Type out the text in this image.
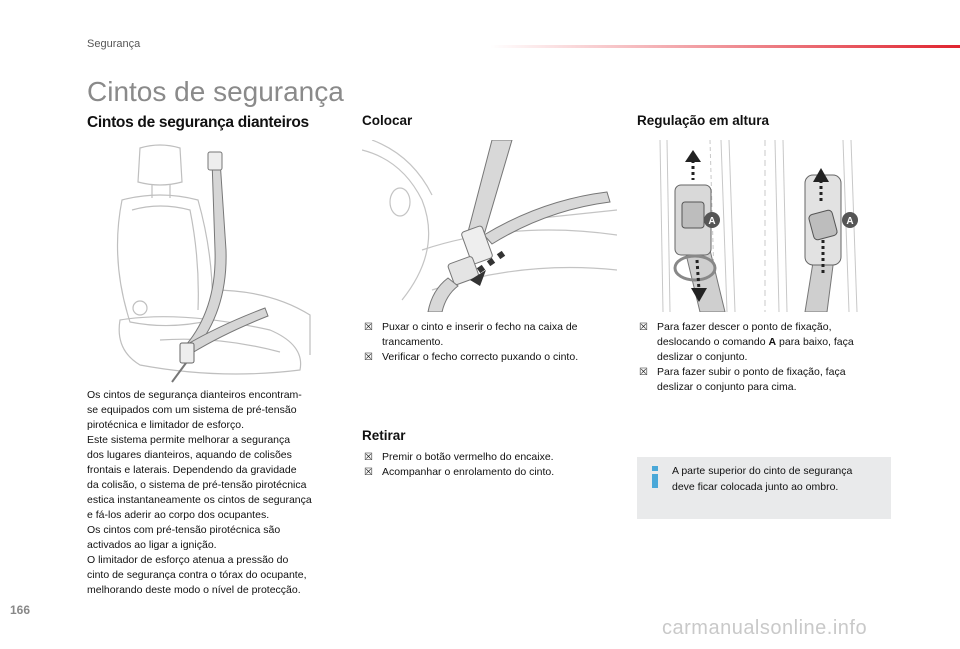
Segurança
Cintos de segurança
Cintos de segurança dianteiros
Os cintos de segurança dianteiros encontram-
se equipados com um sistema de pré-tensão
pirotécnica e limitador de esforço.
Este sistema permite melhorar a segurança
dos lugares dianteiros, aquando de colisões
frontais e laterais. Dependendo da gravidade
da colisão, o sistema de pré-tensão pirotécnica
estica instantaneamente os cintos de segurança
e fá-los aderir ao corpo dos ocupantes.
Os cintos com pré-tensão pirotécnica são
activados ao ligar a ignição.
O limitador de esforço atenua a pressão do
cinto de segurança contra o tórax do ocupante,
melhorando deste modo o nível de protecção.
Colocar
☒ Puxar o cinto e inserir o fecho na caixa de
trancamento.
☒ Verificar o fecho correcto puxando o cinto.
Retirar
☒ Premir o botão vermelho do encaixe.
☒ Acompanhar o enrolamento do cinto.
Regulação em altura
A	A
☒ Para fazer descer o ponto de fixação,
deslocando o comando A para baixo, faça
deslizar o conjunto.
☒ Para fazer subir o ponto de fixação, faça
deslizar o conjunto para cima.
A parte superior do cinto de segurança
deve ficar colocada junto ao ombro.
166
carmanualsonline.info
